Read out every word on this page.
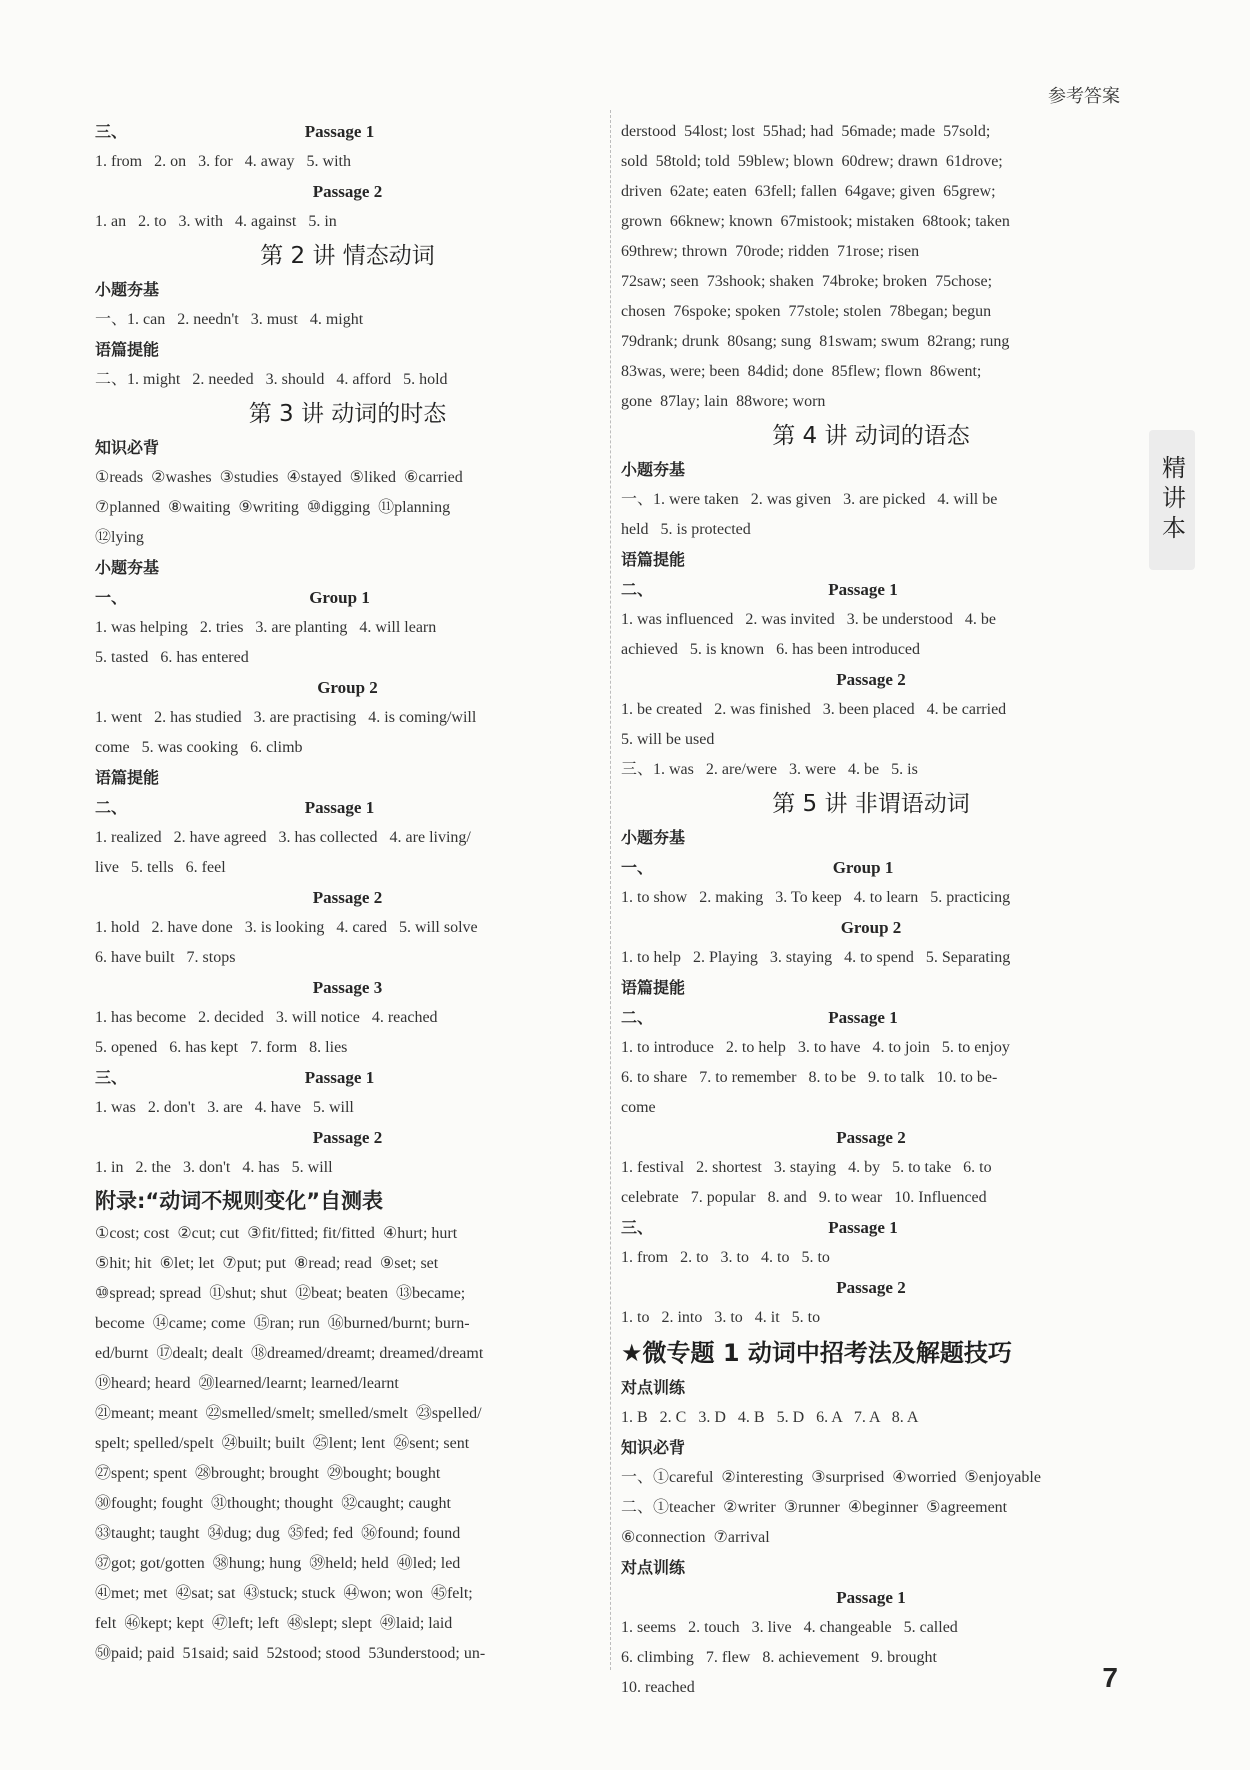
参考答案
三、	Passage 1
1. from   2. on   3. for   4. away   5. with
Passage 2
1. an   2. to   3. with   4. against   5. in
第 2 讲 情态动词
小题夯基
一、1. can   2. needn't   3. must   4. might
语篇提能
二、1. might   2. needed   3. should   4. afford   5. hold
第 3 讲 动词的时态
知识必背
①reads  ②washes  ③studies  ④stayed  ⑤liked  ⑥carried
⑦planned  ⑧waiting  ⑨writing  ⑩digging  ⑪planning
⑫lying
小题夯基
一、	Group 1
1. was helping   2. tries   3. are planting   4. will learn
5. tasted   6. has entered
Group 2
1. went   2. has studied   3. are practising   4. is coming/will
come   5. was cooking   6. climb
语篇提能
二、	Passage 1
1. realized   2. have agreed   3. has collected   4. are living/
live   5. tells   6. feel
Passage 2
1. hold   2. have done   3. is looking   4. cared   5. will solve
6. have built   7. stops
Passage 3
1. has become   2. decided   3. will notice   4. reached
5. opened   6. has kept   7. form   8. lies
三、	Passage 1
1. was   2. don't   3. are   4. have   5. will
Passage 2
1. in   2. the   3. don't   4. has   5. will
附录:“动词不规则变化”自测表
①cost; cost  ②cut; cut  ③fit/fitted; fit/fitted  ④hurt; hurt
⑤hit; hit  ⑥let; let  ⑦put; put  ⑧read; read  ⑨set; set
⑩spread; spread  ⑪shut; shut  ⑫beat; beaten  ⑬became;
become  ⑭came; come  ⑮ran; run  ⑯burned/burnt; burn-
ed/burnt  ⑰dealt; dealt  ⑱dreamed/dreamt; dreamed/dreamt
⑲heard; heard  ⑳learned/learnt; learned/learnt
㉑meant; meant  ㉒smelled/smelt; smelled/smelt  ㉓spelled/
spelt; spelled/spelt  ㉔built; built  ㉕lent; lent  ㉖sent; sent
㉗spent; spent  ㉘brought; brought  ㉙bought; bought
㉚fought; fought  ㉛thought; thought  ㉜caught; caught
㉝taught; taught  ㉞dug; dug  ㉟fed; fed  ㊱found; found
㊲got; got/gotten  ㊳hung; hung  ㊴held; held  ㊵led; led
㊶met; met  ㊷sat; sat  ㊸stuck; stuck  ㊹won; won  ㊺felt;
felt  ㊻kept; kept  ㊼left; left  ㊽slept; slept  ㊾laid; laid
㊿paid; paid  51said; said  52stood; stood  53understood; un-
derstood  54lost; lost  55had; had  56made; made  57sold;
sold  58told; told  59blew; blown  60drew; drawn  61drove;
driven  62ate; eaten  63fell; fallen  64gave; given  65grew;
grown  66knew; known  67mistook; mistaken  68took; taken
69threw; thrown  70rode; ridden  71rose; risen
72saw; seen  73shook; shaken  74broke; broken  75chose;
chosen  76spoke; spoken  77stole; stolen  78began; begun
79drank; drunk  80sang; sung  81swam; swum  82rang; rung
83was, were; been  84did; done  85flew; flown  86went;
gone  87lay; lain  88wore; worn
第 4 讲 动词的语态
小题夯基
一、1. were taken   2. was given   3. are picked   4. will be
held   5. is protected
语篇提能
二、	Passage 1
1. was influenced   2. was invited   3. be understood   4. be
achieved   5. is known   6. has been introduced
Passage 2
1. be created   2. was finished   3. been placed   4. be carried
5. will be used
三、1. was   2. are/were   3. were   4. be   5. is
第 5 讲 非谓语动词
小题夯基
一、	Group 1
1. to show   2. making   3. To keep   4. to learn   5. practicing
Group 2
1. to help   2. Playing   3. staying   4. to spend   5. Separating
语篇提能
二、	Passage 1
1. to introduce   2. to help   3. to have   4. to join   5. to enjoy
6. to share   7. to remember   8. to be   9. to talk   10. to be-
come
Passage 2
1. festival   2. shortest   3. staying   4. by   5. to take   6. to
celebrate   7. popular   8. and   9. to wear   10. Influenced
三、	Passage 1
1. from   2. to   3. to   4. to   5. to
Passage 2
1. to   2. into   3. to   4. it   5. to
★微专题 1 动词中招考法及解题技巧
对点训练
1. B   2. C   3. D   4. B   5. D   6. A   7. A   8. A
知识必背
一、①careful  ②interesting  ③surprised  ④worried  ⑤enjoyable
二、①teacher  ②writer  ③runner  ④beginner  ⑤agreement
⑥connection  ⑦arrival
对点训练
Passage 1
1. seems   2. touch   3. live   4. changeable   5. called
6. climbing   7. flew   8. achievement   9. brought
10. reached
精讲本
7
